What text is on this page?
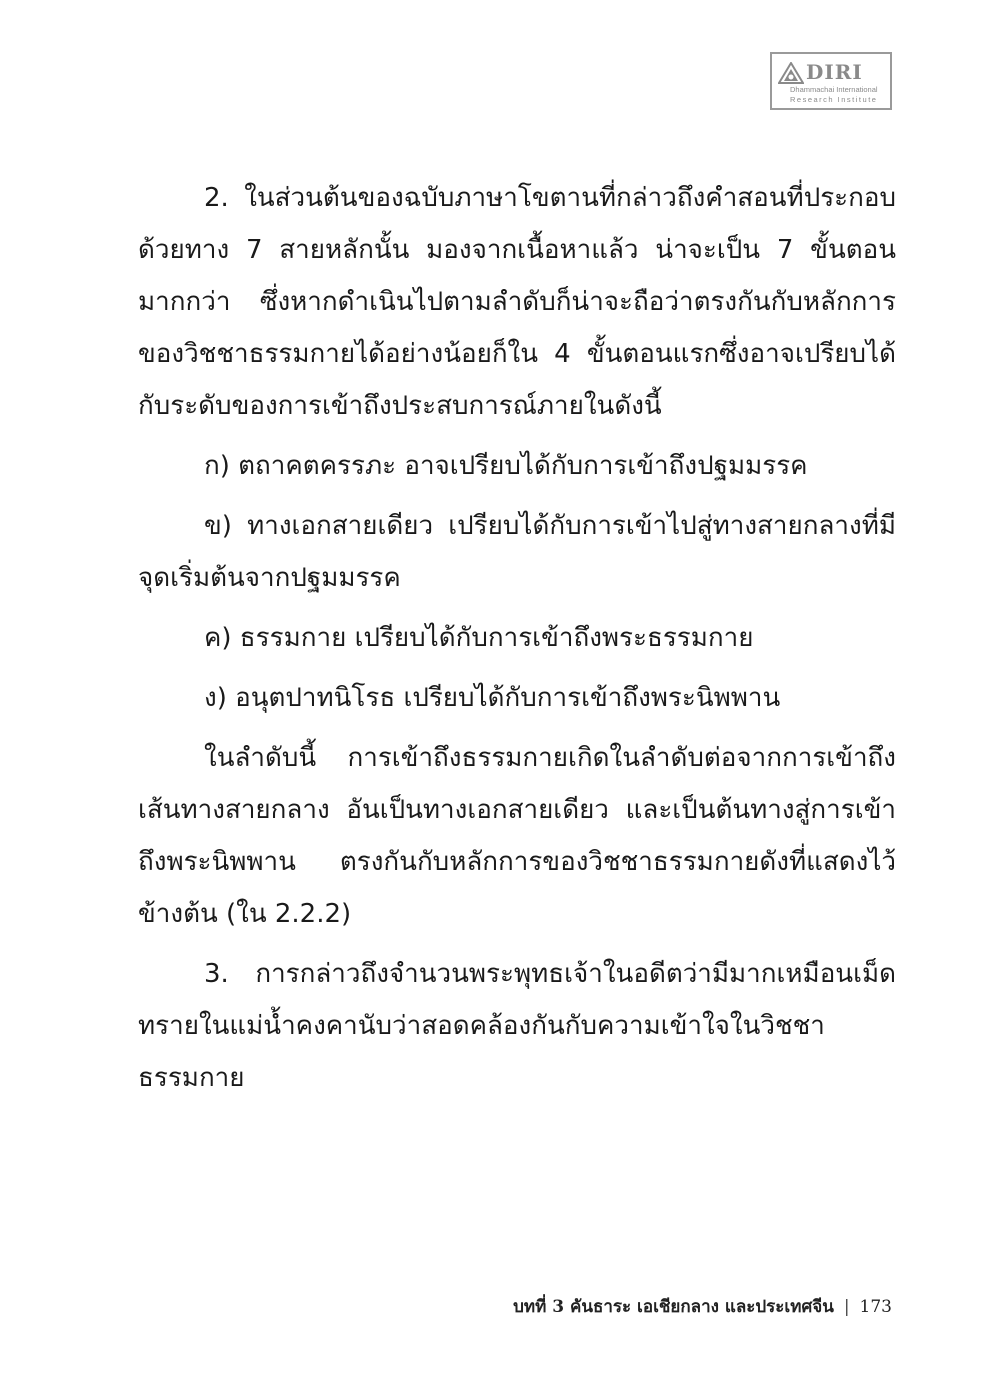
DIRI
Dhammachai International
Research Institute

2. ในส่วนต้นของฉบับภาษาโขตานที่กล่าวถึงคำสอนที่ประกอบด้วยทาง 7 สายหลักนั้น มองจากเนื้อหาแล้ว น่าจะเป็น 7 ขั้นตอนมากกว่า ซึ่งหากดำเนินไปตามลำดับก็น่าจะถือว่าตรงกันกับหลักการของวิชชาธรรมกายได้อย่างน้อยก็ใน 4 ขั้นตอนแรกซึ่งอาจเปรียบได้กับระดับของการเข้าถึงประสบการณ์ภายในดังนี้

ก) ตถาคตครรภะ อาจเปรียบได้กับการเข้าถึงปฐมมรรค

ข) ทางเอกสายเดียว เปรียบได้กับการเข้าไปสู่ทางสายกลางที่มีจุดเริ่มต้นจากปฐมมรรค

ค) ธรรมกาย เปรียบได้กับการเข้าถึงพระธรรมกาย

ง) อนุตปาทนิโรธ เปรียบได้กับการเข้าถึงพระนิพพาน

ในลำดับนี้ การเข้าถึงธรรมกายเกิดในลำดับต่อจากการเข้าถึงเส้นทางสายกลาง อันเป็นทางเอกสายเดียว และเป็นต้นทางสู่การเข้าถึงพระนิพพาน ตรงกันกับหลักการของวิชชาธรรมกายดังที่แสดงไว้ข้างต้น (ใน 2.2.2)

3. การกล่าวถึงจำนวนพระพุทธเจ้าในอดีตว่ามีมากเหมือนเม็ดทรายในแม่น้ำคงคานับว่าสอดคล้องกันกับความเข้าใจในวิชชาธรรมกาย

บทที่ 3 คันธาระ เอเชียกลาง และประเทศจีน | 173
